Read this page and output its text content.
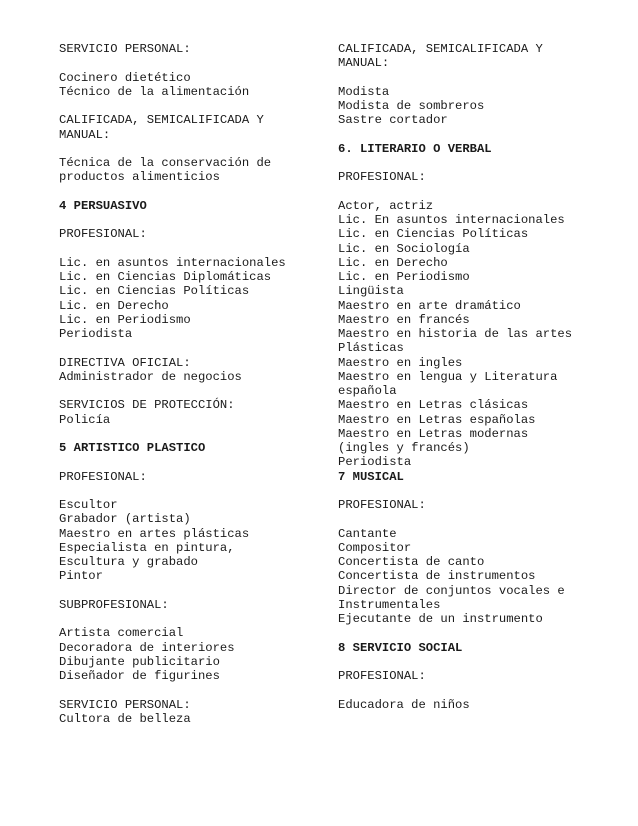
SERVICIO PERSONAL:
Cocinero dietético
Técnico de la alimentación
CALIFICADA, SEMICALIFICADA Y
MANUAL:
Técnica de la conservación de
productos alimenticios
4 PERSUASIVO
PROFESIONAL:
Lic. en asuntos internacionales
Lic. en Ciencias Diplomáticas
Lic. en Ciencias Políticas
Lic. en Derecho
Lic. en Periodismo
Periodista
DIRECTIVA OFICIAL:
Administrador de negocios
SERVICIOS DE PROTECCIÓN:
Policía
5 ARTISTICO PLASTICO
PROFESIONAL:
Escultor
Grabador (artista)
Maestro en artes plásticas
Especialista en pintura,
Escultura y grabado
Pintor
SUBPROFESIONAL:
Artista comercial
Decoradora de interiores
Dibujante publicitario
Diseñador de figurines
SERVICIO PERSONAL:
Cultora de belleza
CALIFICADA, SEMICALIFICADA Y
MANUAL:
Modista
Modista de sombreros
Sastre cortador
6. LITERARIO O VERBAL
PROFESIONAL:
Actor, actriz
Lic. En asuntos internacionales
Lic. en Ciencias Políticas
Lic. en Sociología
Lic. en Derecho
Lic. en Periodismo
Lingüista
Maestro en arte dramático
Maestro en francés
Maestro en historia de las artes
Plásticas
Maestro en ingles
Maestro en lengua y Literatura
española
Maestro en Letras clásicas
Maestro en Letras españolas
Maestro en Letras modernas
(ingles y francés)
Periodista
7 MUSICAL
PROFESIONAL:
Cantante
Compositor
Concertista de canto
Concertista de instrumentos
Director de conjuntos vocales e
Instrumentales
Ejecutante de un instrumento
8 SERVICIO SOCIAL
PROFESIONAL:
Educadora de niños
